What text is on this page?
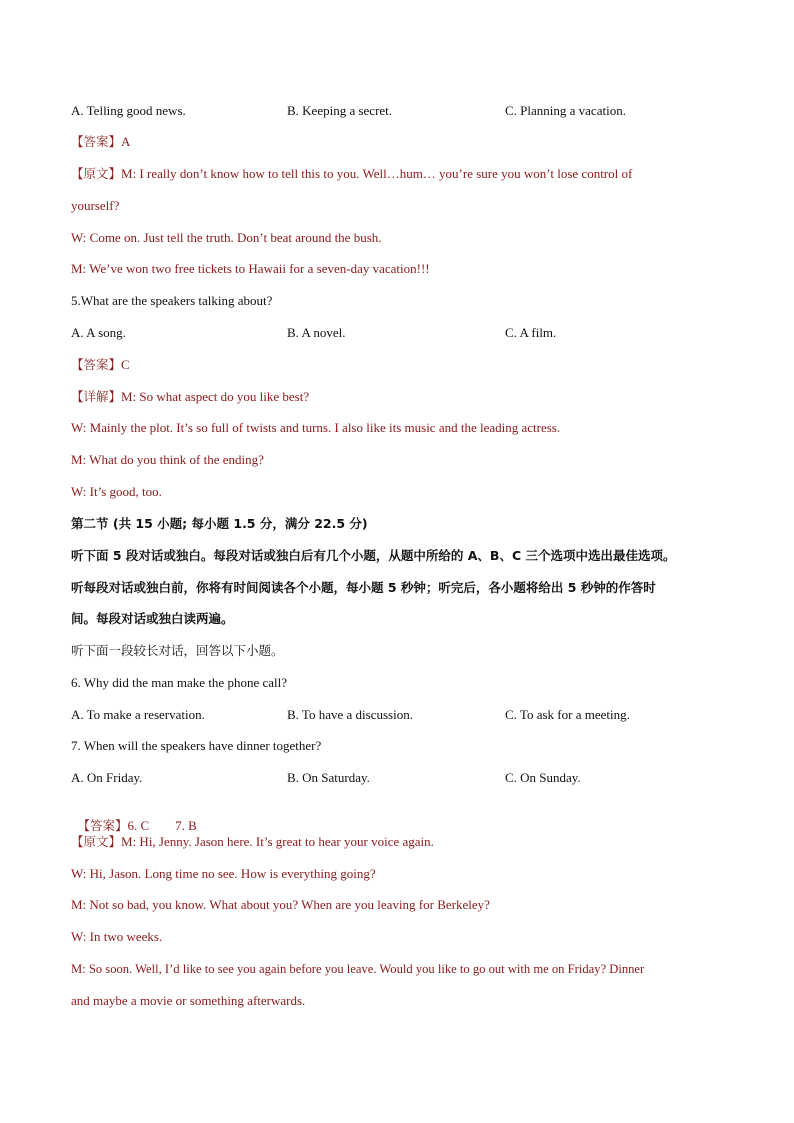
A. Telling good news.	B. Keeping a secret.	C. Planning a vacation.
【答案】A
【原文】M: I really don’t know how to tell this to you. Well…hum… you’re sure you won’t lose control of
yourself?
W: Come on. Just tell the truth. Don’t beat around the bush.
M: We’ve won two free tickets to Hawaii for a seven-day vacation!!!
5.What are the speakers talking about?
A. A song.	B. A novel.	C. A film.
【答案】C
【详解】M: So what aspect do you like best?
W: Mainly the plot. It’s so full of twists and turns. I also like its music and the leading actress.
M: What do you think of the ending?
W: It’s good, too.
第二节 (共 15 小题; 每小题 1.5 分，满分 22.5 分)
听下面 5 段对话或独白。每段对话或独白后有几个小题，从题中所给的 A、B、C 三个选项中选出最佳选项。
听每段对话或独白前，你将有时间阅读各个小题，每小题 5 秒钟；听完后，各小题将给出 5 秒钟的作答时
间。每段对话或独白读两遍。
听下面一段较长对话，回答以下小题。
6. Why did the man make the phone call?
A. To make a reservation.	B. To have a discussion.	C. To ask for a meeting.
7. When will the speakers have dinner together?
A. On Friday.	B. On Saturday.	C. On Sunday.

【答案】6. C        7. B

【原文】M: Hi, Jenny. Jason here. It’s great to hear your voice again.
W: Hi, Jason. Long time no see. How is everything going?
M: Not so bad, you know. What about you? When are you leaving for Berkeley?
W: In two weeks.
M: So soon. Well, I’d like to see you again before you leave. Would you like to go out with me on Friday? Dinner
and maybe a movie or something afterwards.
